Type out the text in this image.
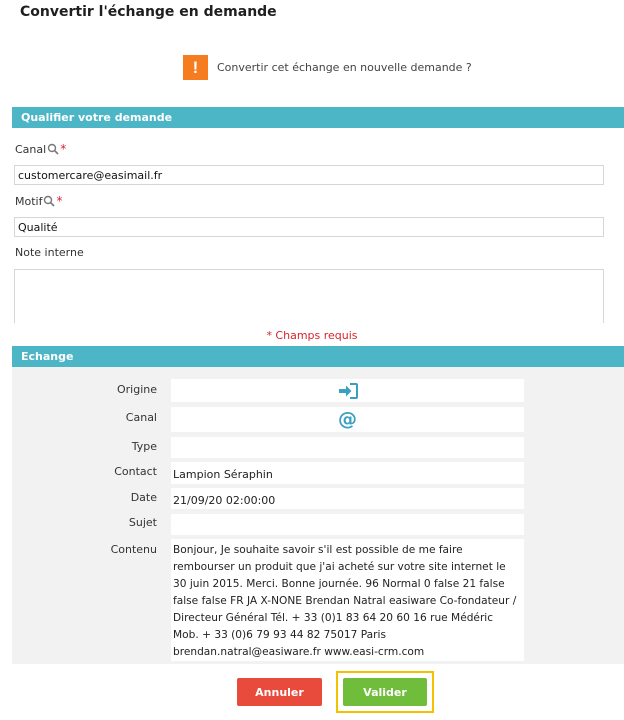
Convertir l'échange en demande
!	Convertir cet échange en nouvelle demande ?
Qualifier votre demande
Canal *
customercare@easimail.fr
Motif *
Qualité
Note interne
* Champs requis
Echange
Origine
Canal	@
Type
Contact Lampion Séraphin
Date 21/09/20 02:00:00
Sujet
Contenu Bonjour, Je souhaite savoir s'il est possible de me faire rembourser un produit que j'ai acheté sur votre site internet le 30 juin 2015. Merci. Bonne journée. 96 Normal 0 false 21 false false false FR JA X-NONE Brendan Natral easiware Co-fondateur / Directeur Général Tél. + 33 (0)1 83 64 20 60 16 rue Médéric Mob. + 33 (0)6 79 93 44 82 75017 Paris brendan.natral@easiware.fr www.easi-crm.com
Annuler	Valider
